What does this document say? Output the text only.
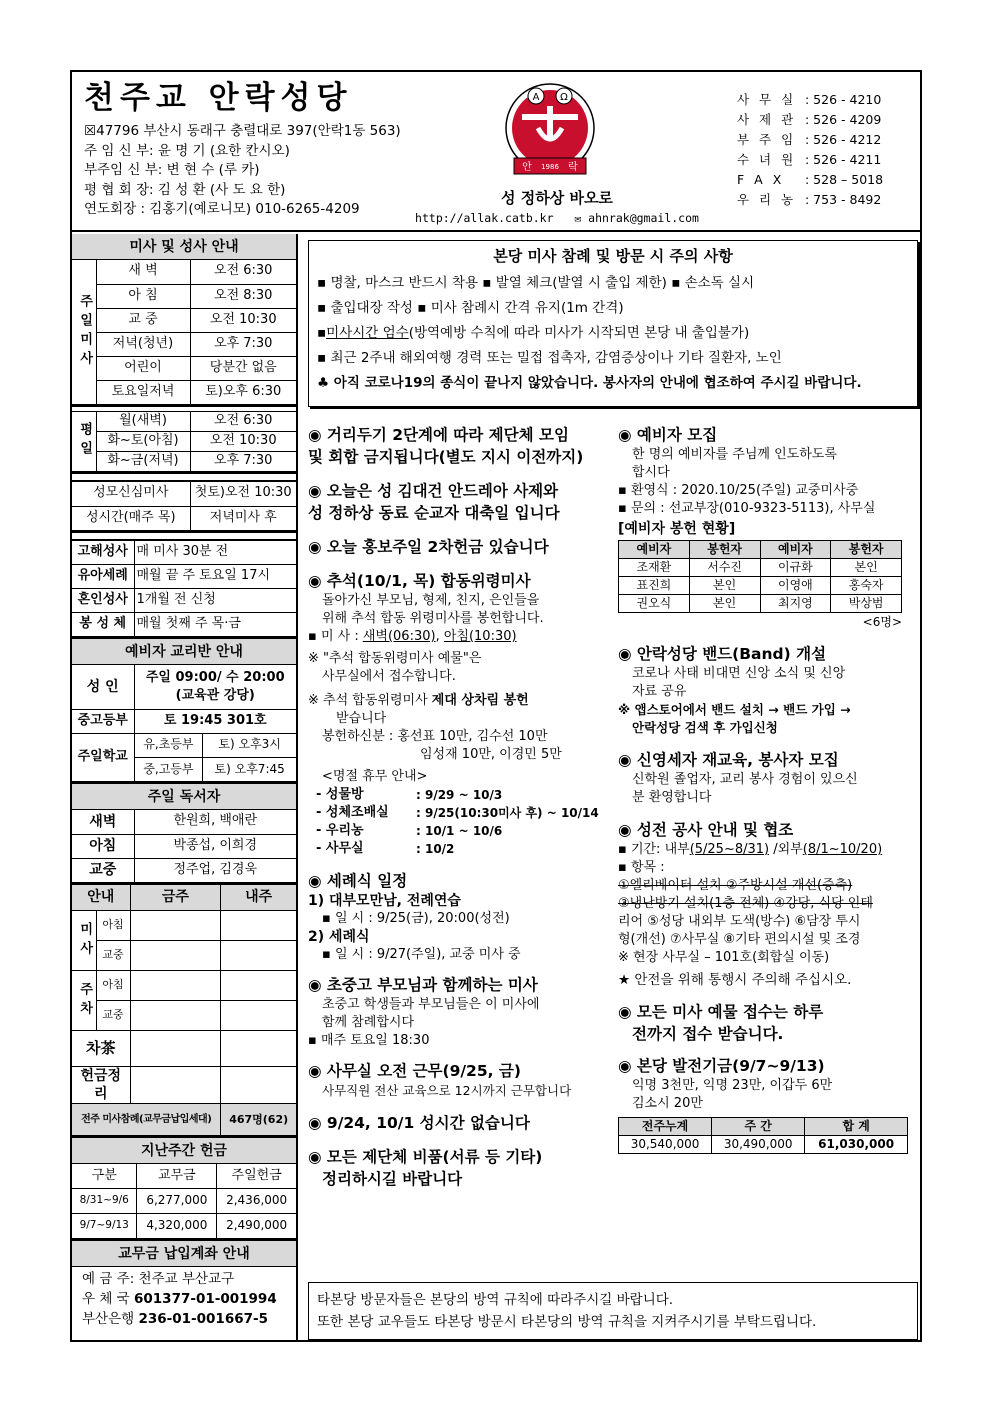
천주교 안락성당
☒47796 부산시 동래구 충렬대로 397(안락1동 563)
주 임 신 부: 윤 명 기 (요한 칸시오)
부주임 신 부: 변 현 수 (루 카)
평 협 회 장: 김 성 환 (사 도 요 한)
연도회장 : 김홍기(예로니모) 010-6265-4209
A Ω
안	락
1986
성 정하상 바오로
http://allak.catb.kr ✉ ahnrak@gmail.com
사 무 실 : 526 - 4210
사 제 관 : 526 - 4209
부 주 임 : 526 - 4212
수 녀 원 : 526 - 4211
F A X	: 528 – 5018
우 리 농 : 753 - 8492
미사 및 성사 안내
주일미사	새 벽	오전 6:30
	아 침	오전 8:30
	교 중	오전 10:30
	저녁(청년)	오후 7:30
	어린이	당분간 없음
	토요일저녁	토)오후 6:30
평일	월(새벽)	오전 6:30
	화~토(아침)	오전 10:30
	화~금(저녁)	오후 7:30
성모신심미사	첫토)오전 10:30
성시간(매주 목)	저녁미사 후
고해성사	매 미사 30분 전
유아세례	매월 끝 주 토요일 17시
혼인성사	1개월 전 신청
봉 성 체	매월 첫째 주 목·금
예비자 교리반 안내
성 인	주일 09:00/ 수 20:00
(교육관 강당)

중고등부	토 19:45 301호
주일학교	유,초등부	토) 오후3시
	중,고등부	토) 오후7:45
주일 독서자
새벽	한원희, 백애란
아침	박종섭, 이희경
교중	정주업, 김경욱
안내		금주	내주
미사	아침		
	교중		
주차	아침		
	교중		
차茶			
헌금정리			
전주 미사참례(교무금납입세대)			467명(62)
지난주간 헌금
구분	교무금	주일헌금
8/31~9/6	6,277,000	2,436,000
9/7~9/13	4,320,000	2,490,000
교무금 납입계좌 안내
예 금 주: 천주교 부산교구
우 체 국 601377-01-001994
부산은행 236-01-001667-5
본당 미사 참례 및 방문 시 주의 사항

▪ 명찰, 마스크 반드시 착용 ▪ 발열 체크(발열 시 출입 제한) ▪ 손소독 실시

▪ 출입대장 작성 ▪ 미사 참례시 간격 유지(1m 간격)

▪미사시간 엄수(방역예방 수칙에 따라 미사가 시작되면 본당 내 출입불가)

▪ 최근 2주내 해외여행 경력 또는 밀접 접촉자, 감염증상이나 기타 질환자, 노인

♣ 아직 코로나19의 종식이 끝나지 않았습니다. 봉사자의 안내에 협조하여 주시길 바랍니다.

◉ 거리두기 2단계에 따라 제단체 모임
및 회합 금지됩니다(별도 지시 이전까지)
◉ 오늘은 성 김대건 안드레아 사제와
성 정하상 동료 순교자 대축일 입니다
◉ 오늘 홍보주일 2차헌금 있습니다
◉ 추석(10/1, 목) 합동위령미사
돌아가신 부모님, 형제, 친지, 은인들을
위해 추석 합동 위령미사를 봉헌합니다.
▪ 미 사 : 새벽(06:30), 아침(10:30)
※ "추석 합동위령미사 예물"은
사무실에서 접수합니다.
※ 추석 합동위령미사 제대 상차림 봉헌
받습니다
봉헌하신분 : 홍선표 10만, 김수선 10만
임성재 10만, 이경민 5만
<명절 휴무 안내>
- 성물방	: 9/29 ~ 10/3
- 성체조배실	: 9/25(10:30미사 후) ~ 10/14
- 우리농	: 10/1 ~ 10/6
- 사무실	: 10/2
◉ 세례식 일정
1) 대부모만남, 전례연습
▪ 일 시 : 9/25(금), 20:00(성전)
2) 세례식
▪ 일 시 : 9/27(주일), 교중 미사 중
◉ 초중고 부모님과 함께하는 미사
초중고 학생들과 부모님들은 이 미사에
함께 참례합시다
▪ 매주 토요일 18:30
◉ 사무실 오전 근무(9/25, 금)
사무직원 전산 교육으로 12시까지 근무합니다
◉ 9/24, 10/1 성시간 없습니다
◉ 모든 제단체 비품(서류 등 기타)
정리하시길 바랍니다
◉ 예비자 모집
한 명의 예비자를 주님께 인도하도록
합시다
▪ 환영식 : 2020.10/25(주일) 교중미사중
▪ 문의 : 선교부장(010-9323-5113), 사무실
[예비자 봉헌 현황]
예비자	봉헌자	예비자	봉헌자
조재환	서수진	이규화	본인
표진희	본인	이영애	홍숙자
권오식	본인	최지영	박상범
<6명>
◉ 안락성당 밴드(Band) 개설
코로나 사태 비대면 신앙 소식 및 신앙
자료 공유
※ 앱스토어에서 밴드 설치 → 밴드 가입 →
안락성당 검색 후 가입신청
◉ 신영세자 재교육, 봉사자 모집
신학원 졸업자, 교리 봉사 경험이 있으신
분 환영합니다
◉ 성전 공사 안내 및 협조
▪ 기간: 내부(5/25~8/31) /외부(8/1~10/20)
▪ 항목 :
①엘리베이터 설치 ②주방시설 개선(증축)
③냉난방기 설치(1층 전체) ④강당, 식당 인테
리어 ⑤성당 내외부 도색(방수) ⑥담장 투시
형(개선) ⑦사무실 ⑧기타 편의시설 및 조경
※ 현장 사무실 – 101호(회합실 이동)
★ 안전을 위해 통행시 주의해 주십시오.
◉ 모든 미사 예물 접수는 하루
전까지 접수 받습니다.
◉ 본당 발전기금(9/7~9/13)
익명 3천만, 익명 23만, 이갑두 6만
김소시 20만
전주누계	주 간	합 계
30,540,000	30,490,000	61,030,000
타본당 방문자들은 본당의 방역 규칙에 따라주시길 바랍니다.
또한 본당 교우들도 타본당 방문시 타본당의 방역 규칙을 지켜주시기를 부탁드립니다.
